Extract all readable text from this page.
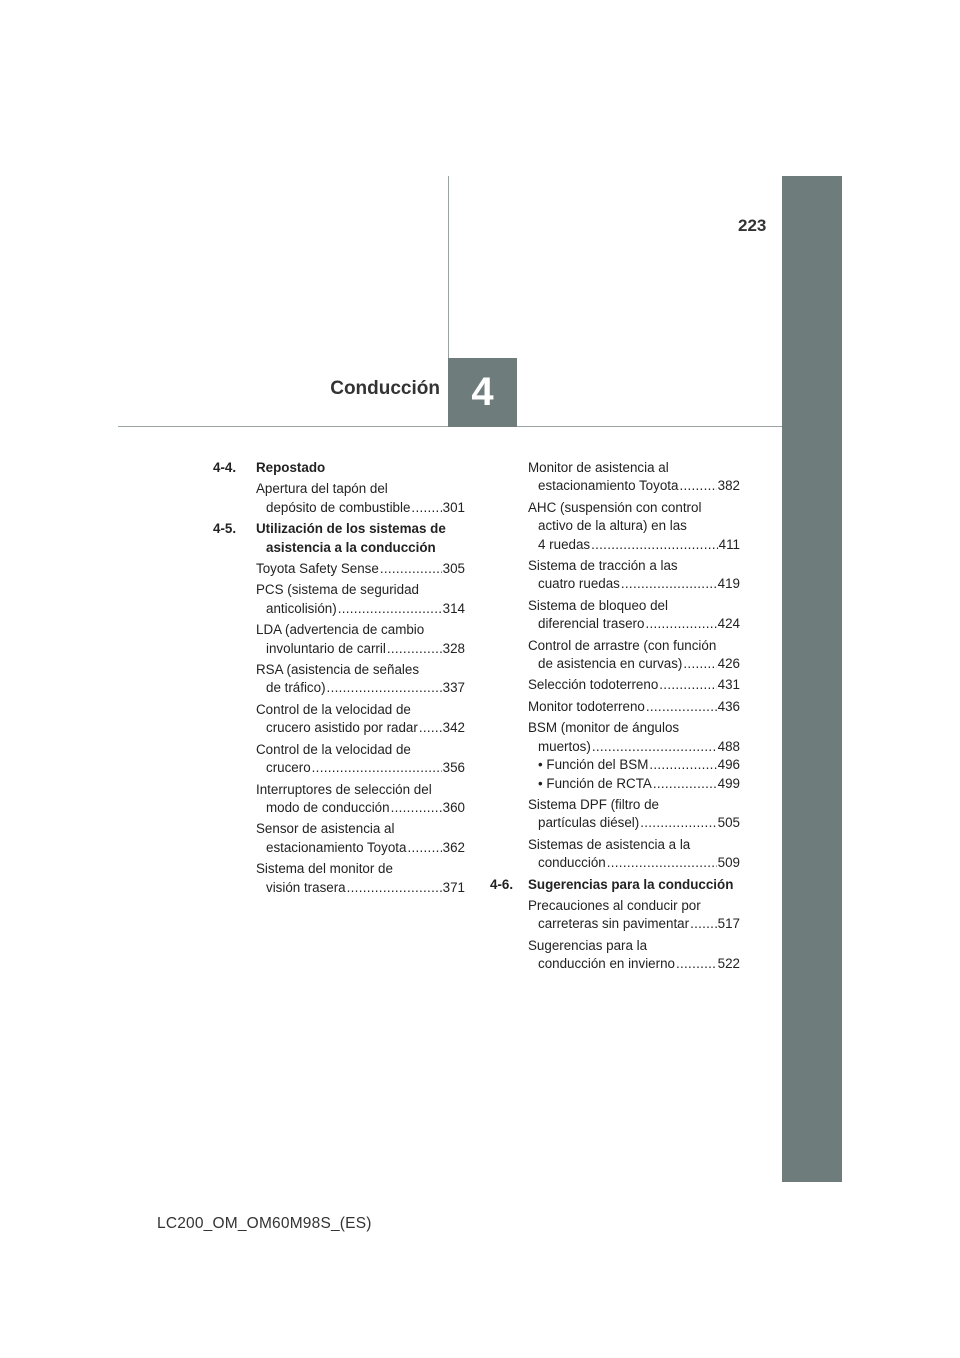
223
Conducción 4
4-4.	Repostado
Apertura del tapón del
depósito de combustible ..... 301
4-5.	Utilización de los sistemas de
asistencia a la conducción
Toyota Safety Sense .....	305
PCS (sistema de seguridad
anticolisión) .....	314
LDA (advertencia de cambio
involuntario de carril .....	328
RSA (asistencia de señales
de tráfico) .....	337
Control de la velocidad de
crucero asistido por radar ..... 342
Control de la velocidad de
crucero .....	356
Interruptores de selección del
modo de conducción .....	360
Sensor de asistencia al
estacionamiento Toyota .....	362
Sistema del monitor de
visión trasera .....	371
Monitor de asistencia al
estacionamiento Toyota .....	382
AHC (suspensión con control
activo de la altura) en las
4 ruedas .....	411
Sistema de tracción a las
cuatro ruedas .....	419
Sistema de bloqueo del
diferencial trasero .....	424
Control de arrastre (con función
de asistencia en curvas) .....	426
Selección todoterreno .....	431
Monitor todoterreno .....	436
BSM (monitor de ángulos
muertos) .....	488
• Función del BSM .....	496
• Función de RCTA .....	499
Sistema DPF (filtro de
partículas diésel) .....	505
Sistemas de asistencia a la
conducción .....	509
4-6.	Sugerencias para la conducción
Precauciones al conducir por
carreteras sin pavimentar ..... 517
Sugerencias para la
conducción en invierno .....	522
LC200_OM_OM60M98S_(ES)
